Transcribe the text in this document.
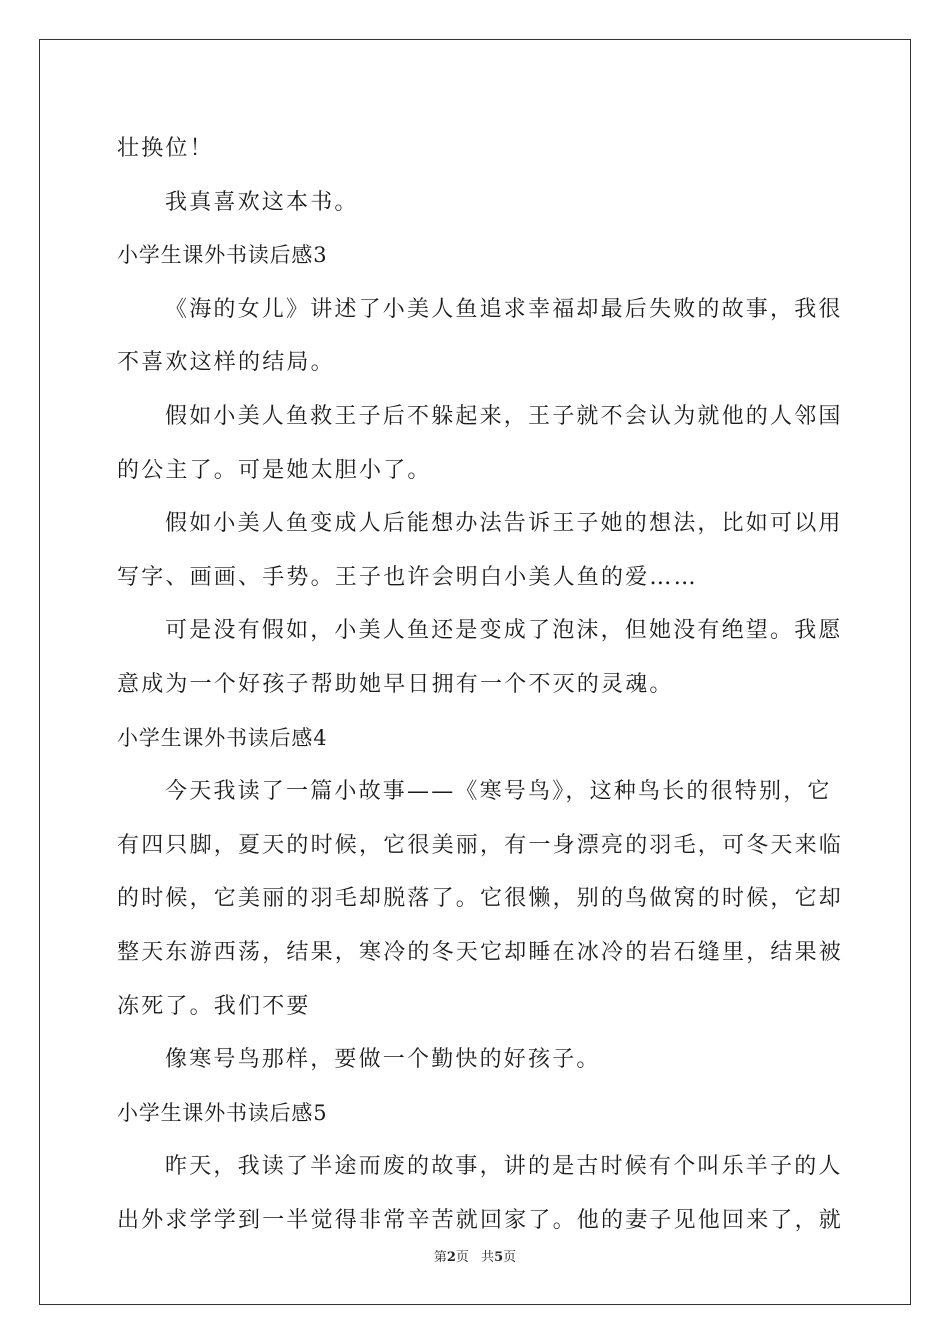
壮换位！
我真喜欢这本书。
小学生课外书读后感3
《海的女儿》讲述了小美人鱼追求幸福却最后失败的故事，我很
不喜欢这样的结局。
假如小美人鱼救王子后不躲起来，王子就不会认为就他的人邻国
的公主了。可是她太胆小了。
假如小美人鱼变成人后能想办法告诉王子她的想法，比如可以用
写字、画画、手势。王子也许会明白小美人鱼的爱……
可是没有假如，小美人鱼还是变成了泡沫，但她没有绝望。我愿
意成为一个好孩子帮助她早日拥有一个不灭的灵魂。
小学生课外书读后感4
今天我读了一篇小故事——《寒号鸟》，这种鸟长的很特别，它
有四只脚，夏天的时候，它很美丽，有一身漂亮的羽毛，可冬天来临
的时候，它美丽的羽毛却脱落了。它很懒，别的鸟做窝的时候，它却
整天东游西荡，结果，寒冷的冬天它却睡在冰冷的岩石缝里，结果被
冻死了。我们不要
像寒号鸟那样，要做一个勤快的好孩子。
小学生课外书读后感5
昨天，我读了半途而废的故事，讲的是古时候有个叫乐羊子的人
出外求学学到一半觉得非常辛苦就回家了。他的妻子见他回来了，就
第2页 共5页
